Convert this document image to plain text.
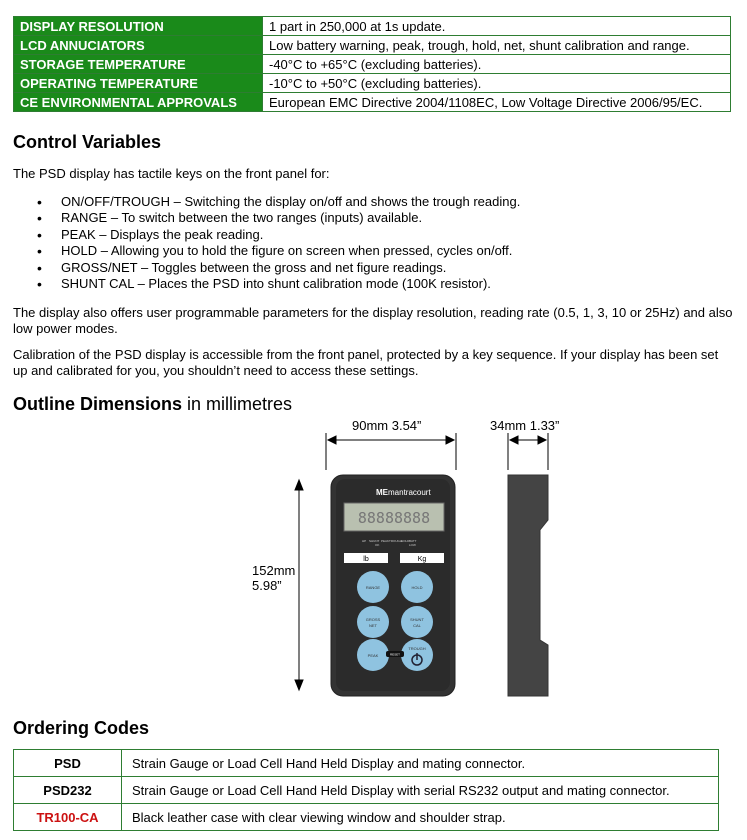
DISPLAY RESOLUTION	1 part in 250,000 at 1s update.
LCD ANNUCIATORS	Low battery warning, peak, trough, hold, net, shunt calibration and range.
STORAGE TEMPERATURE	-40°C to +65°C (excluding batteries).
OPERATING TEMPERATURE	-10°C to +50°C (excluding batteries).
CE ENVIRONMENTAL APPROVALS	European EMC Directive 2004/1108EC, Low Voltage Directive 2006/95/EC.
Control Variables

The PSD display has tactile keys on the front panel for:

• ON/OFF/TROUGH – Switching the display on/off and shows the trough reading.
• RANGE – To switch between the two ranges (inputs) available.
• PEAK – Displays the peak reading.
• HOLD – Allowing you to hold the figure on screen when pressed, cycles on/off.
• GROSS/NET – Toggles between the gross and net figure readings.
• SHUNT CAL – Places the PSD into shunt calibration mode (100K resistor).

The display also offers user programmable parameters for the display resolution, reading rate (0.5, 1, 3, 10 or 25Hz) and also low power modes.

Calibration of the PSD display is accessible from the front panel, protected by a key sequence. If your display has been set up and calibrated for you, you shouldn’t need to access these settings.

Outline Dimensions in millimetres
90mm 3.54”	34mm 1.33”
152mm
5.98”
MEmantracourt
88888888
HP SHUNT PEAK TROUGH HOLD BATT
OK	LOW
lb	Kg
RANGE	HOLD
GROSS
NET
SHUNT
CAL
PEAK
TROUGH
RESET
Ordering Codes
PSD	Strain Gauge or Load Cell Hand Held Display and mating connector.
PSD232	Strain Gauge or Load Cell Hand Held Display with serial RS232 output and mating connector.
TR100-CA	Black leather case with clear viewing window and shoulder strap.
